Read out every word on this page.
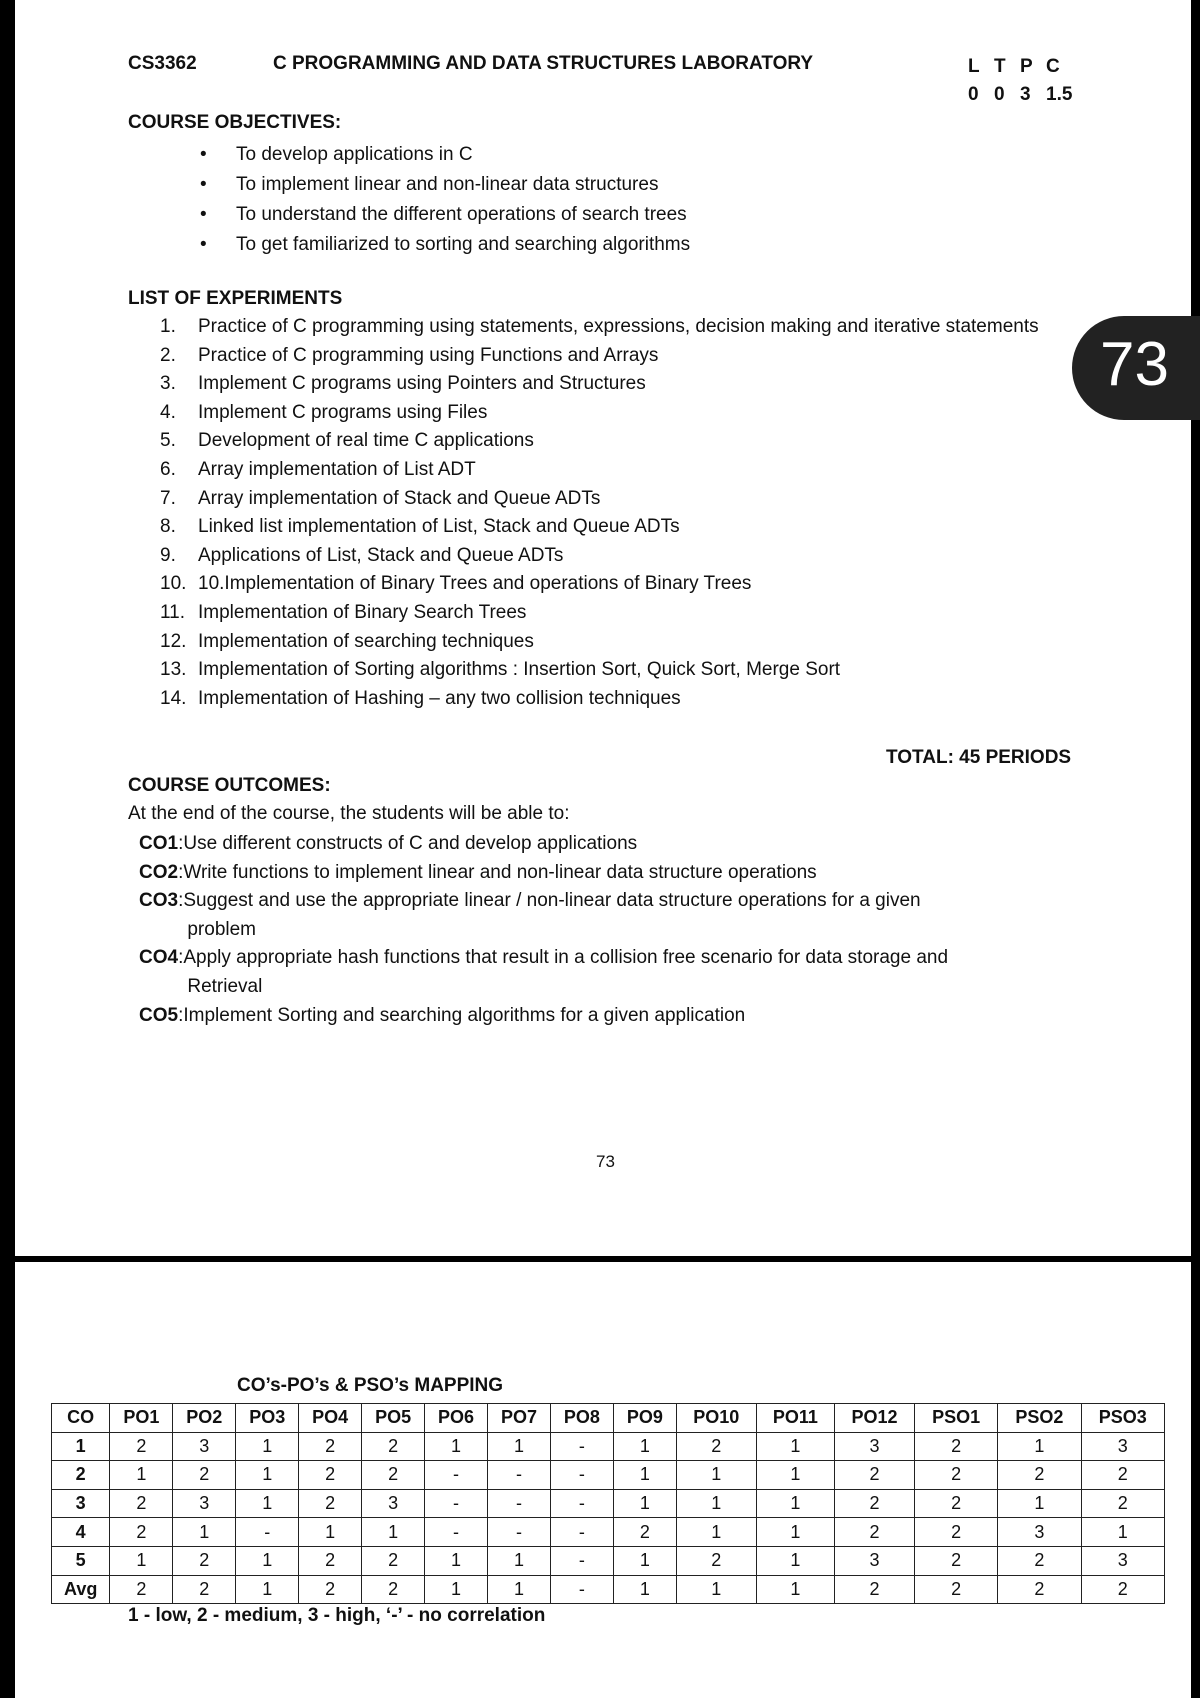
73
CS3362	C PROGRAMMING AND DATA STRUCTURES LABORATORY	L T P C
0 0 3 1.5
COURSE OBJECTIVES:
• To develop applications in C
• To implement linear and non-linear data structures
• To understand the different operations of search trees
• To get familiarized to sorting and searching algorithms
LIST OF EXPERIMENTS
1.	Practice of C programming using statements, expressions, decision making and iterative statements
2.	Practice of C programming using Functions and Arrays
3.	Implement C programs using Pointers and Structures
4.	Implement C programs using Files
5.	Development of real time C applications
6.	Array implementation of List ADT
7.	Array implementation of Stack and Queue ADTs
8.	Linked list implementation of List, Stack and Queue ADTs
9.	Applications of List, Stack and Queue ADTs
10. 10.Implementation of Binary Trees and operations of Binary Trees
11. Implementation of Binary Search Trees
12. Implementation of searching techniques
13. Implementation of Sorting algorithms : Insertion Sort, Quick Sort, Merge Sort
14. Implementation of Hashing – any two collision techniques
TOTAL: 45 PERIODS
COURSE OUTCOMES:
At the end of the course, the students will be able to:
CO1 : Use different constructs of C and develop applications
CO2 : Write functions to implement linear and non-linear data structure operations
CO3 : Suggest and use the appropriate linear / non-linear data structure operations for a given
problem
CO4 : Apply appropriate hash functions that result in a collision free scenario for data storage and
Retrieval
CO5 : Implement Sorting and searching algorithms for a given application
73
CO’s-PO’s & PSO’s MAPPING
CO	PO1	PO2	PO3	PO4	PO5	PO6	PO7	PO8	PO9	PO10	PO11	PO12	PSO1	PSO2	PSO3
1	2	3	1	2	2	1	1	-	1	2	1	3	2	1	3
2	1	2	1	2	2	-	-	-	1	1	1	2	2	2	2
3	2	3	1	2	3	-	-	-	1	1	1	2	2	1	2
4	2	1	-	1	1	-	-	-	2	1	1	2	2	3	1
5	1	2	1	2	2	1	1	-	1	2	1	3	2	2	3
Avg	2	2	1	2	2	1	1	-	1	1	1	2	2	2	2
1 - low, 2 - medium, 3 - high, ‘-’ - no correlation
